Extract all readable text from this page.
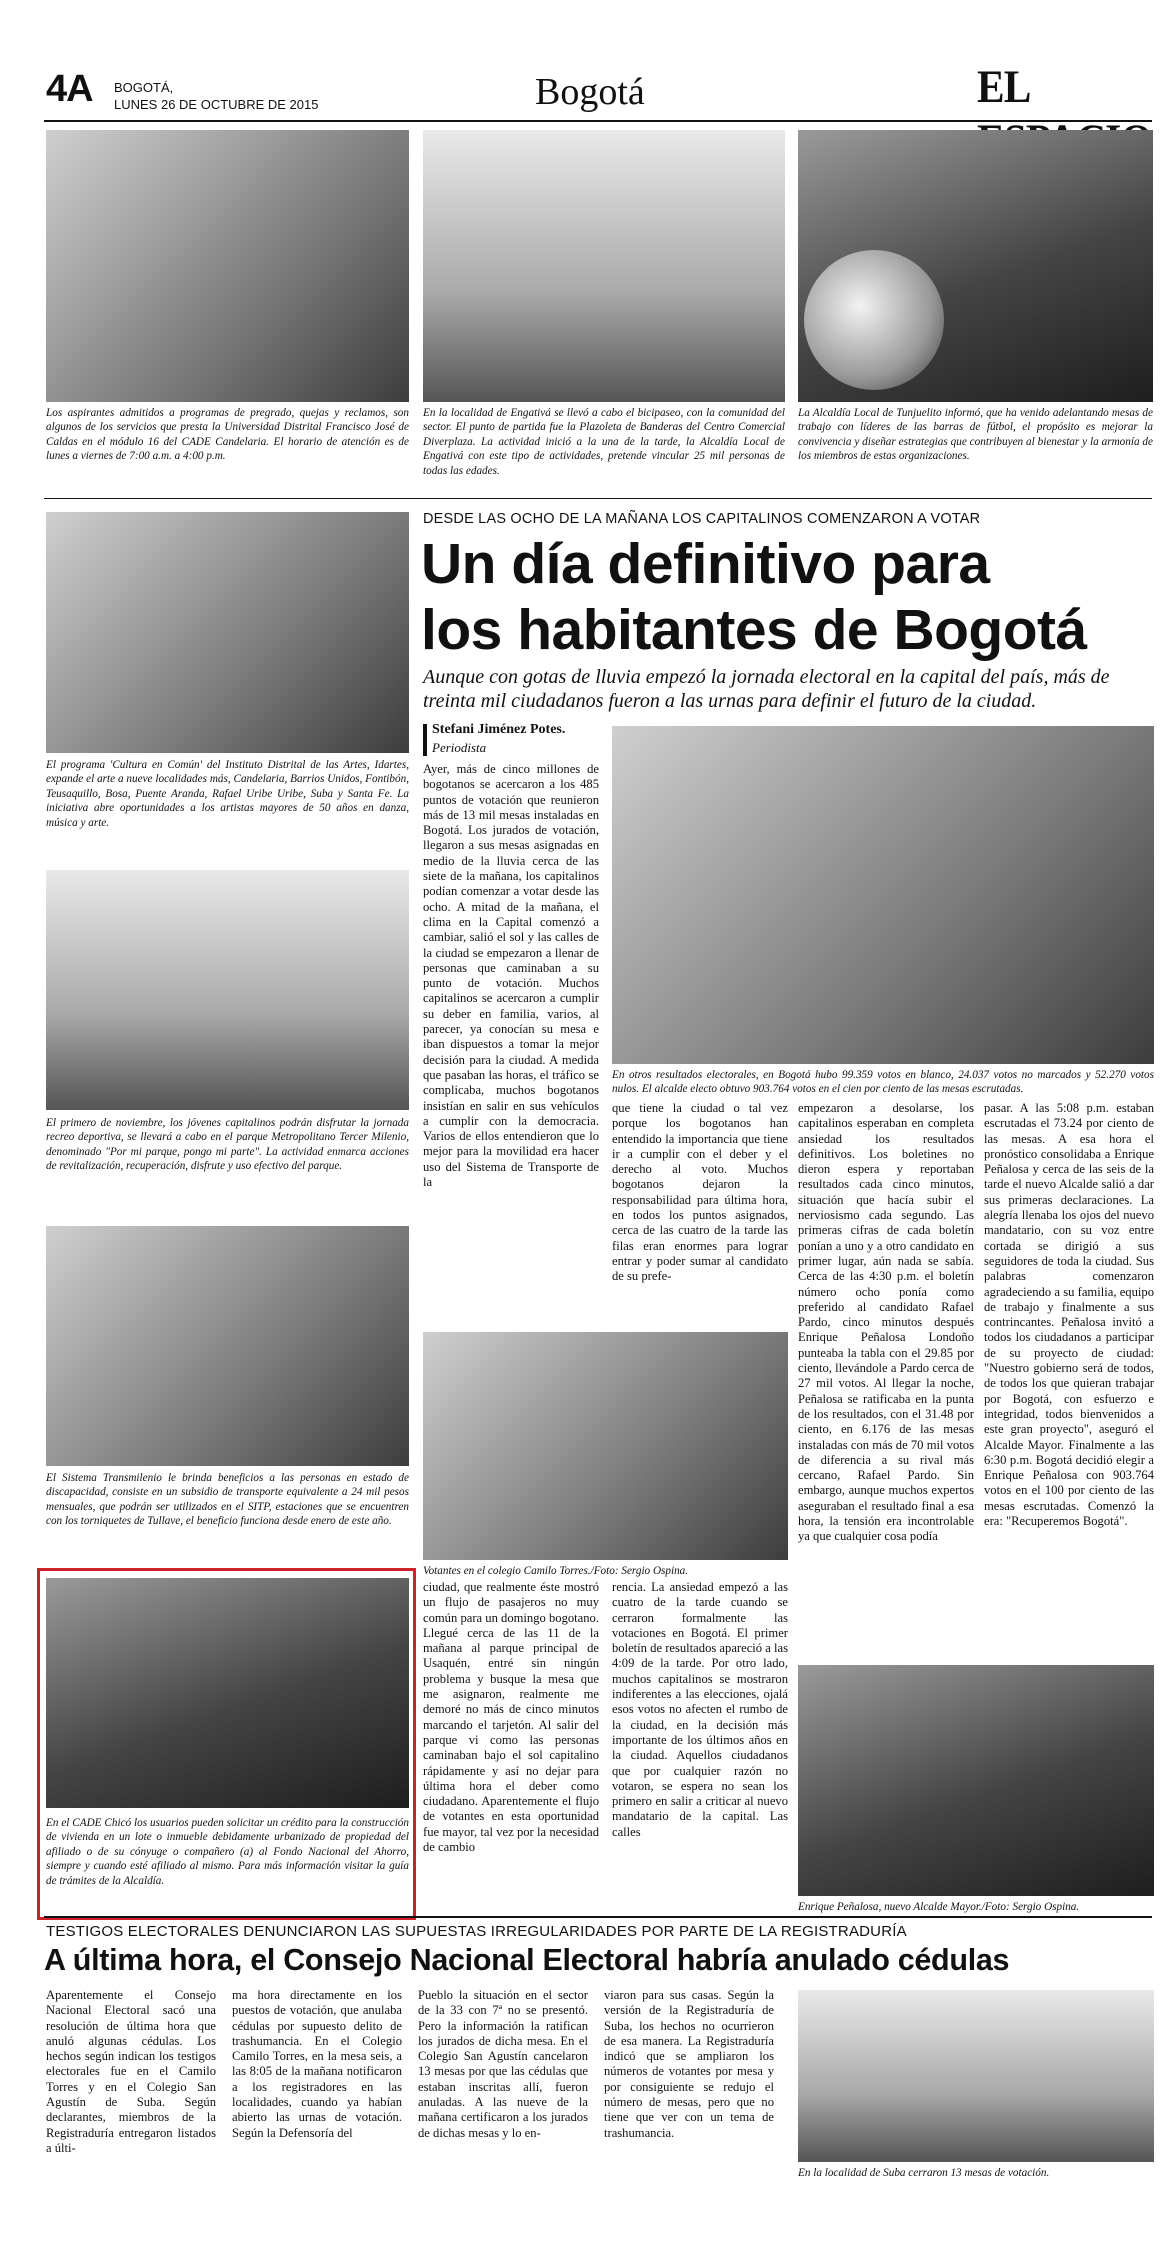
4A BOGOTÁ,
LUNES 26 DE OCTUBRE DE 2015	Bogotá	EL
Los aspirantes admitidos a programas de pregrado, quejas y reclamos, son algunos de los servicios que presta la Universidad Distrital Francisco José de Caldas en el módulo 16 del CADE Candelaria. El horario de atención es de lunes a viernes de 7:00 a.m. a 4:00 p.m.
En la localidad de Engativá se llevó a cabo el bicipaseo, con la comunidad del sector. El punto de partida fue la Plazoleta de Banderas del Centro Comercial Diverplaza. La actividad inició a la una de la tarde, la Alcaldía Local de Engativá con este tipo de actividades, pretende vincular 25 mil personas de todas las edades.
La Alcaldía Local de Tunjuelito informó, que ha venido adelantando mesas de trabajo con líderes de las barras de fútbol, el propósito es mejorar la convivencia y diseñar estrategias que contribuyen al bienestar y la armonía de los miembros de estas organizaciones.
El programa 'Cultura en Común' del Instituto Distrital de las Artes, Idartes, expande el arte a nueve localidades más, Candelaria, Barrios Unidos, Fontibón, Teusaquillo, Bosa, Puente Aranda, Rafael Uribe Uribe, Suba y Santa Fe. La iniciativa abre oportunidades a los artistas mayores de 50 años en danza, música y arte.
El primero de noviembre, los jóvenes capitalinos podrán disfrutar la jornada recreo deportiva, se llevará a cabo en el parque Metropolitano Tercer Milenio, denominado "Por mi parque, pongo mi parte". La actividad enmarca acciones de revitalización, recuperación, disfrute y uso efectivo del parque.
El Sistema Transmilenio le brinda beneficios a las personas en estado de discapacidad, consiste en un subsidio de transporte equivalente a 24 mil pesos mensuales, que podrán ser utilizados en el SITP, estaciones que se encuentren con los torniquetes de Tullave, el beneficio funciona desde enero de este año.
En el CADE Chicó los usuarios pueden solicitar un crédito para la construcción de vivienda en un lote o inmueble debidamente urbanizado de propiedad del afiliado o de su cónyuge o compañero (a) al Fondo Nacional del Ahorro, siempre y cuando esté afiliado al mismo. Para más información visitar la guía de trámites de la Alcaldía.
DESDE LAS OCHO DE LA MAÑANA LOS CAPITALINOS COMENZARON A VOTAR
Un día definitivo para
los habitantes de Bogotá
Aunque con gotas de lluvia empezó la jornada electoral en la capital del país, más de treinta mil ciudadanos fueron a las urnas para definir el futuro de la ciudad.
Stefani Jiménez Potes.
Periodista
Ayer, más de cinco millones de bogotanos se acercaron a los 485 puntos de votación que reunieron más de 13 mil mesas instaladas en Bogotá. Los jurados de votación, llegaron a sus mesas asignadas en medio de la lluvia cerca de las siete de la mañana, los capitalinos podían comenzar a votar desde las ocho. A mitad de la mañana, el clima en la Capital comenzó a cambiar, salió el sol y las calles de la ciudad se empezaron a llenar de personas que caminaban a su punto de votación. Muchos capitalinos se acercaron a cumplir su deber en familia, varios, al parecer, ya conocían su mesa e iban dispuestos a tomar la mejor decisión para la ciudad. A medida que pasaban las horas, el tráfico se complicaba, muchos bogotanos insistían en salir en sus vehículos a cumplir con la democracia. Varios de ellos entendieron que lo mejor para la movilidad era hacer uso del Sistema de Transporte de la
En otros resultados electorales, en Bogotá hubo 99.359 votos en blanco, 24.037 votos no marcados y 52.270 votos nulos. El alcalde electo obtuvo 903.764 votos en el cien por ciento de las mesas escrutadas.
que tiene la ciudad o tal vez porque los bogotanos han entendido la importancia que tiene ir a cumplir con el deber y el derecho al voto. Muchos bogotanos dejaron la responsabilidad para última hora, en todos los puntos asignados, cerca de las cuatro de la tarde las filas eran enormes para lograr entrar y poder sumar al candidato de su prefe-
empezaron a desolarse, los capitalinos esperaban en completa ansiedad los resultados definitivos. Los boletines no dieron espera y reportaban resultados cada cinco minutos, situación que hacía subir el nerviosismo cada segundo. Las primeras cifras de cada boletín ponían a uno y a otro candidato en primer lugar, aún nada se sabía. Cerca de las 4:30 p.m. el boletín número ocho ponía como preferido al candidato Rafael Pardo, cinco minutos después Enrique Peñalosa Londoño punteaba la tabla con el 29.85 por ciento, llevándole a Pardo cerca de 27 mil votos. Al llegar la noche, Peñalosa se ratificaba en la punta de los resultados, con el 31.48 por ciento, en 6.176 de las mesas instaladas con más de 70 mil votos de diferencia a su rival más cercano, Rafael Pardo. Sin embargo, aunque muchos expertos aseguraban el resultado final a esa hora, la tensión era incontrolable ya que cualquier cosa podía
pasar. A las 5:08 p.m. estaban escrutadas el 73.24 por ciento de las mesas. A esa hora el pronóstico consolidaba a Enrique Peñalosa y cerca de las seis de la tarde el nuevo Alcalde salió a dar sus primeras declaraciones. La alegría llenaba los ojos del nuevo mandatario, con su voz entre cortada se dirigió a sus seguidores de toda la ciudad. Sus palabras comenzaron agradeciendo a su familia, equipo de trabajo y finalmente a sus contrincantes. Peñalosa invitó a todos los ciudadanos a participar de su proyecto de ciudad: "Nuestro gobierno será de todos, de todos los que quieran trabajar por Bogotá, con esfuerzo e integridad, todos bienvenidos a este gran proyecto", aseguró el Alcalde Mayor. Finalmente a las 6:30 p.m. Bogotá decidió elegir a Enrique Peñalosa con 903.764 votos en el 100 por ciento de las mesas escrutadas. Comenzó la era: "Recuperemos Bogotá".
Votantes en el colegio Camilo Torres./Foto: Sergio Ospina.
ciudad, que realmente éste mostró un flujo de pasajeros no muy común para un domingo bogotano. Llegué cerca de las 11 de la mañana al parque principal de Usaquén, entré sin ningún problema y busque la mesa que me asignaron, realmente me demoré no más de cinco minutos marcando el tarjetón. Al salir del parque vi como las personas caminaban bajo el sol capitalino rápidamente y así no dejar para última hora el deber como ciudadano. Aparentemente el flujo de votantes en esta oportunidad fue mayor, tal vez por la necesidad de cambio
rencia. La ansiedad empezó a las cuatro de la tarde cuando se cerraron formalmente las votaciones en Bogotá. El primer boletín de resultados apareció a las 4:09 de la tarde. Por otro lado, muchos capitalinos se mostraron indiferentes a las elecciones, ojalá esos votos no afecten el rumbo de la ciudad, en la decisión más importante de los últimos años en la ciudad. Aquellos ciudadanos que por cualquier razón no votaron, se espera no sean los primero en salir a criticar al nuevo mandatario de la capital. Las calles
Enrique Peñalosa, nuevo Alcalde Mayor./Foto: Sergio Ospina.
TESTIGOS ELECTORALES DENUNCIARON LAS SUPUESTAS IRREGULARIDADES POR PARTE DE LA REGISTRADURÍA
A última hora, el Consejo Nacional Electoral habría anulado cédulas
Aparentemente el Consejo Nacional Electoral sacó una resolución de última hora que anuló algunas cédulas. Los hechos según indican los testigos electorales fue en el Camilo Torres y en el Colegio San Agustín de Suba. Según declarantes, miembros de la Registraduría entregaron listados a últi-
ma hora directamente en los puestos de votación, que anulaba cédulas por supuesto delito de trashumancia. En el Colegio Camilo Torres, en la mesa seis, a las 8:05 de la mañana notificaron a los registradores en las localidades, cuando ya habían abierto las urnas de votación. Según la Defensoría del
Pueblo la situación en el sector de la 33 con 7ª no se presentó. Pero la información la ratifican los jurados de dicha mesa. En el Colegio San Agustín cancelaron 13 mesas por que las cédulas que estaban inscritas allí, fueron anuladas. A las nueve de la mañana certificaron a los jurados de dichas mesas y lo en-
viaron para sus casas. Según la versión de la Registraduría de Suba, los hechos no ocurrieron de esa manera. La Registraduría indicó que se ampliaron los números de votantes por mesa y por consiguiente se redujo el número de mesas, pero que no tiene que ver con un tema de trashumancia.
En la localidad de Suba cerraron 13 mesas de votación.
